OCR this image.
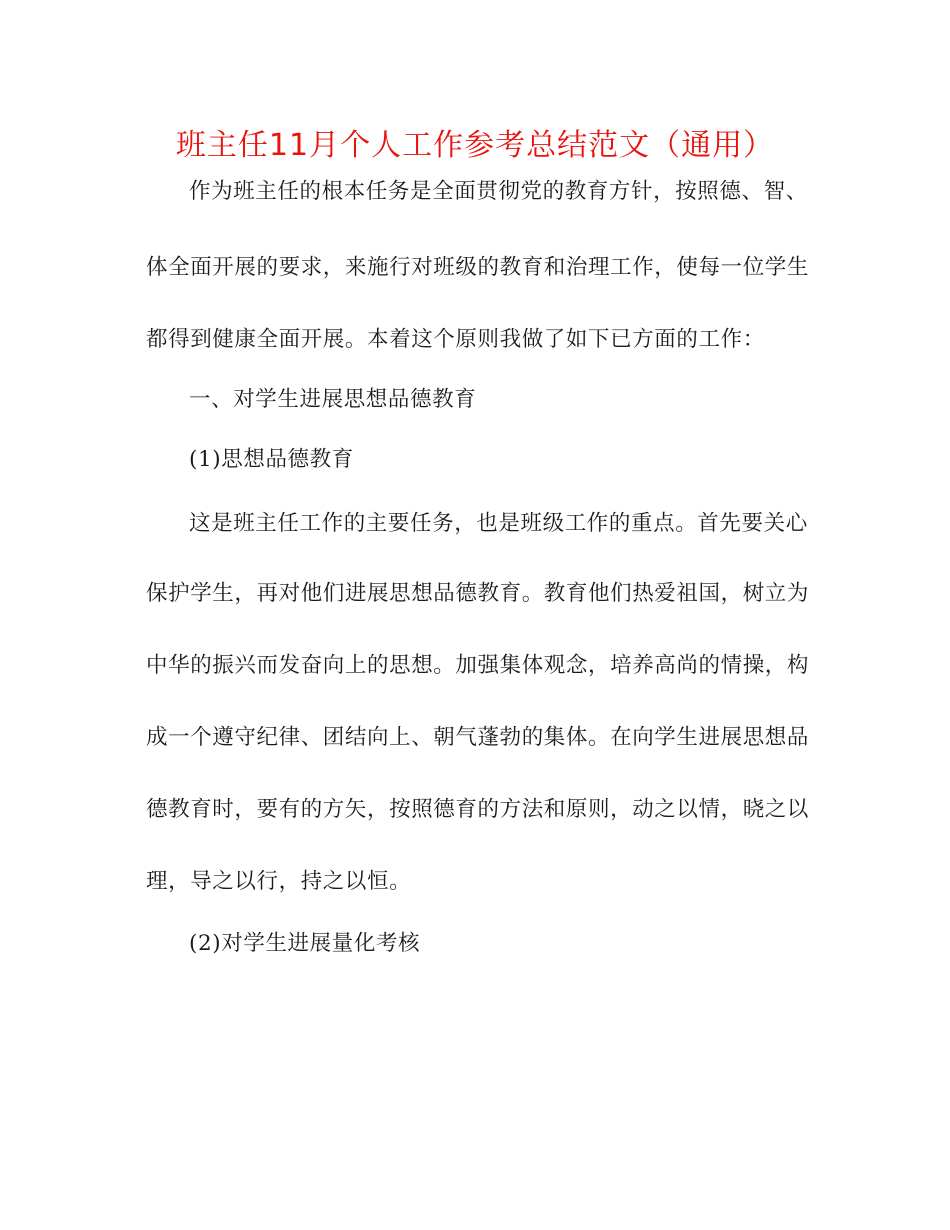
班主任11月个人工作参考总结范文（通用）
作为班主任的根本任务是全面贯彻党的教育方针，按照德、智、
体全面开展的要求，来施行对班级的教育和治理工作，使每一位学生
都得到健康全面开展。本着这个原则我做了如下已方面的工作：
一、对学生进展思想品德教育
(1)思想品德教育
这是班主任工作的主要任务，也是班级工作的重点。首先要关心
保护学生，再对他们进展思想品德教育。教育他们热爱祖国，树立为
中华的振兴而发奋向上的思想。加强集体观念，培养高尚的情操，构
成一个遵守纪律、团结向上、朝气蓬勃的集体。在向学生进展思想品
德教育时，要有的方矢，按照德育的方法和原则，动之以情，晓之以
理，导之以行，持之以恒。
(2)对学生进展量化考核
